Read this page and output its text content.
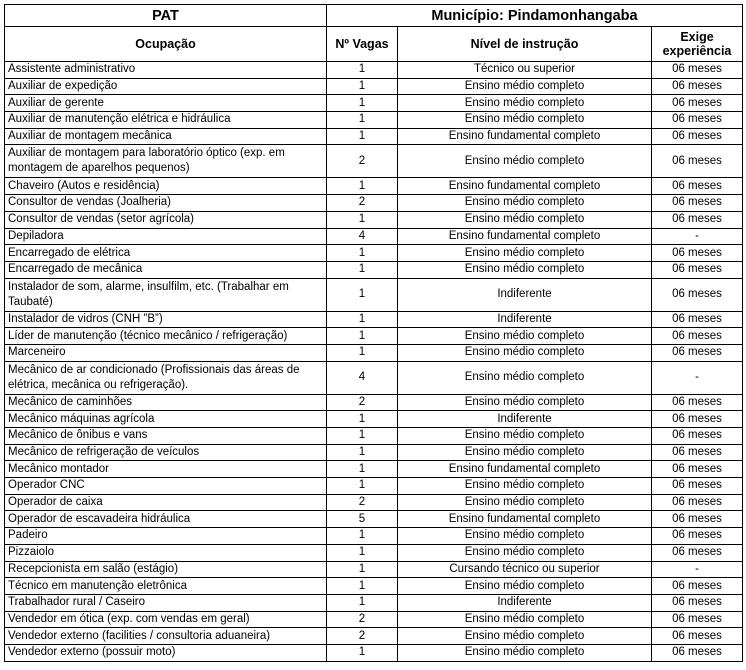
PAT	Município: Pindamonhangaba		
Ocupação	Nº Vagas	Nível de instrução	Exige experiência
Assistente administrativo	1	Técnico ou superior	06 meses
Auxiliar de expedição	1	Ensino médio completo	06 meses
Auxiliar de gerente	1	Ensino médio completo	06 meses
Auxiliar de manutenção elétrica e hidráulica	1	Ensino médio completo	06 meses
Auxiliar de montagem mecânica	1	Ensino fundamental completo	06 meses
Auxiliar de montagem para laboratório óptico (exp. em montagem de aparelhos pequenos)	2	Ensino médio completo	06 meses
Chaveiro (Autos e residência)	1	Ensino fundamental completo	06 meses
Consultor de vendas (Joalheria)	2	Ensino médio completo	06 meses
Consultor de vendas (setor agrícola)	1	Ensino médio completo	06 meses
Depiladora	4	Ensino fundamental completo	-
Encarregado de elétrica	1	Ensino médio completo	06 meses
Encarregado de mecânica	1	Ensino médio completo	06 meses
Instalador de som, alarme, insulfilm, etc. (Trabalhar em Taubaté)	1	Indiferente	06 meses
Instalador de vidros (CNH ”B”)	1	Indiferente	06 meses
Líder de manutenção (técnico mecânico / refrigeração)	1	Ensino médio completo	06 meses
Marceneiro	1	Ensino médio completo	06 meses
Mecânico de ar condicionado (Profissionais das áreas de elétrica, mecânica ou refrigeração).	4	Ensino médio completo	-
Mecânico de caminhões	2	Ensino médio completo	06 meses
Mecânico máquinas agrícola	1	Indiferente	06 meses
Mecânico de ônibus e vans	1	Ensino médio completo	06 meses
Mecânico de refrigeração de veículos	1	Ensino médio completo	06 meses
Mecânico montador	1	Ensino fundamental completo	06 meses
Operador CNC	1	Ensino médio completo	06 meses
Operador de caixa	2	Ensino médio completo	06 meses
Operador de escavadeira hidráulica	5	Ensino fundamental completo	06 meses
Padeiro	1	Ensino médio completo	06 meses
Pizzaiolo	1	Ensino médio completo	06 meses
Recepcionista em salão (estágio)	1	Cursando técnico ou superior	-
Técnico em manutenção eletrônica	1	Ensino médio completo	06 meses
Trabalhador rural / Caseiro	1	Indiferente	06 meses
Vendedor em ótica (exp. com vendas em geral)	2	Ensino médio completo	06 meses
Vendedor externo (facilities / consultoria aduaneira)	2	Ensino médio completo	06 meses
Vendedor externo (possuir moto)	1	Ensino médio completo	06 meses
